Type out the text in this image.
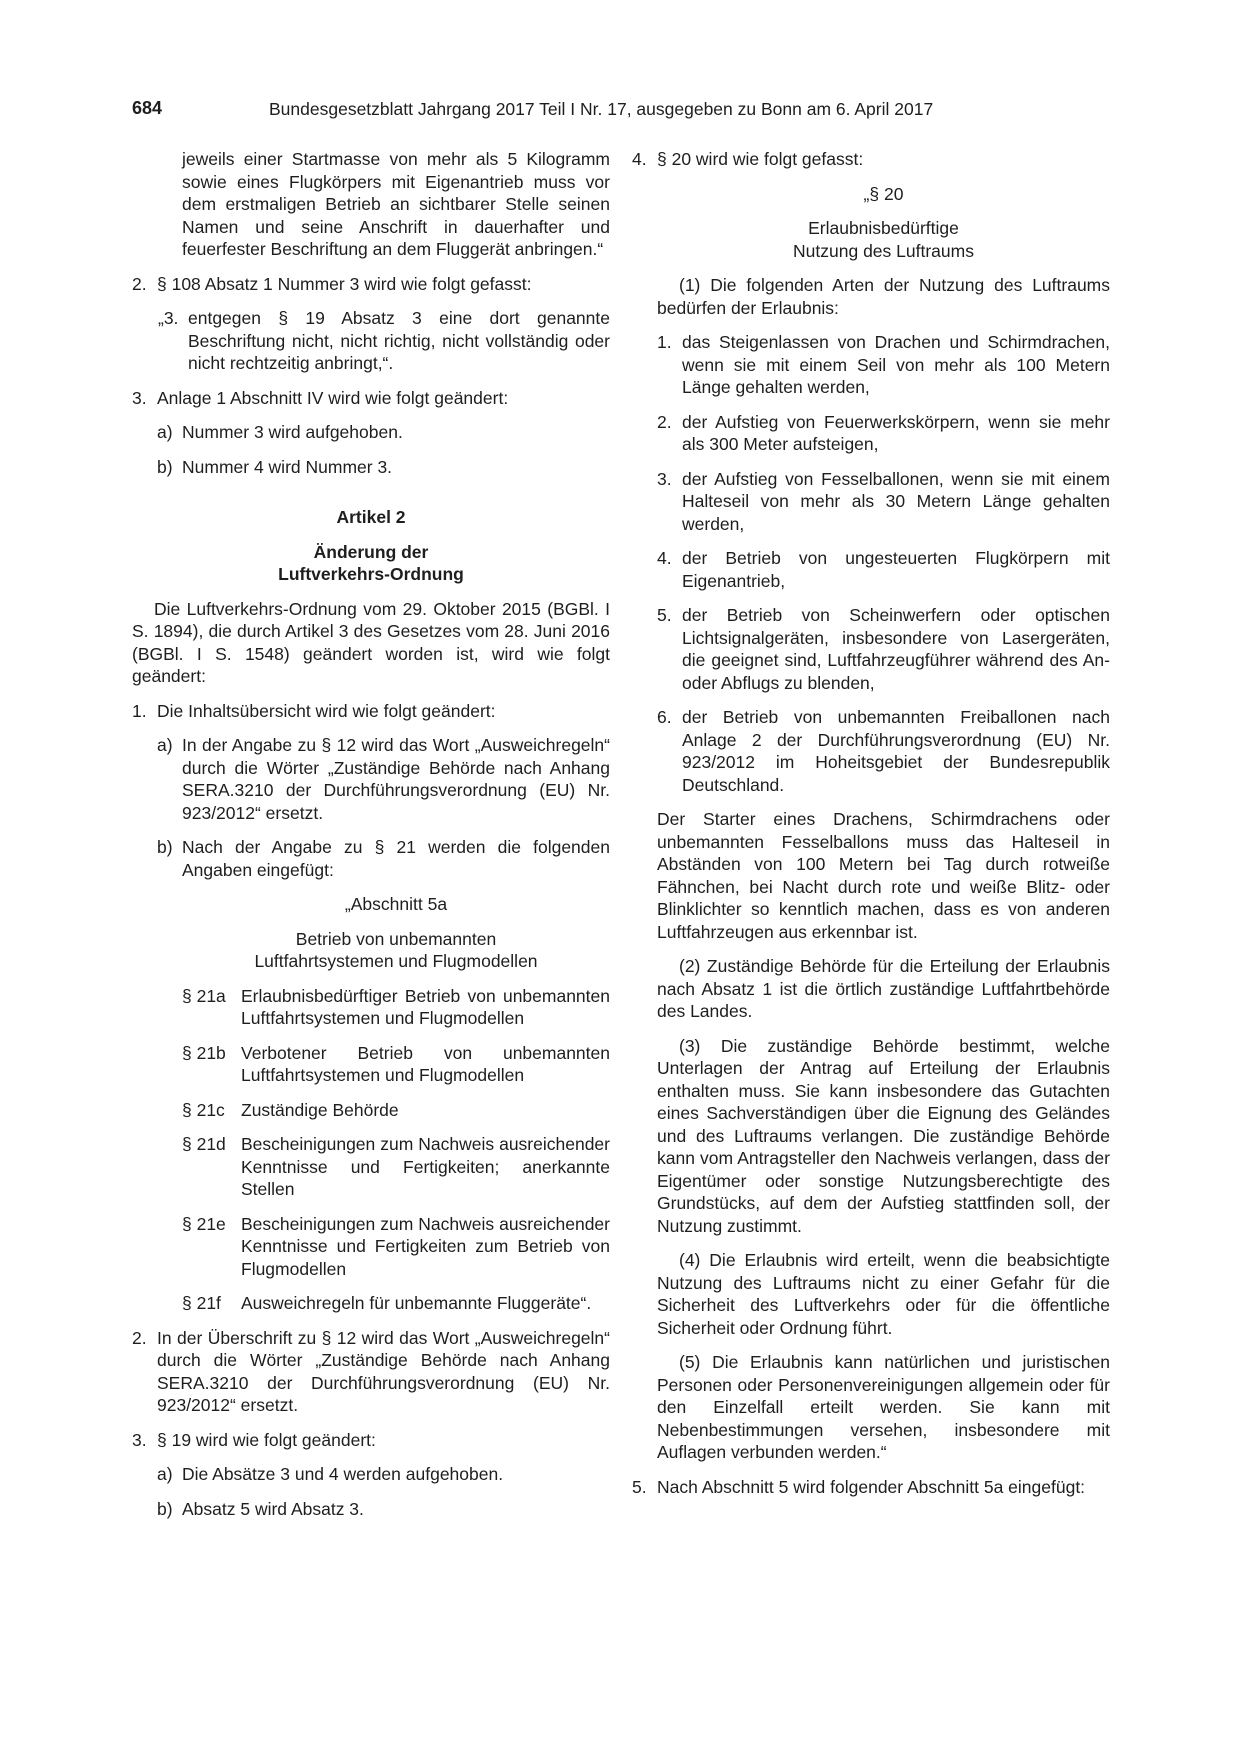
684	Bundesgesetzblatt Jahrgang 2017 Teil I Nr. 17, ausgegeben zu Bonn am 6. April 2017

jeweils einer Startmasse von mehr als 5 Kilogramm sowie eines Flugkörpers mit Eigenantrieb muss vor dem erstmaligen Betrieb an sichtbarer Stelle seinen Namen und seine Anschrift in dauerhafter und feuerfester Beschriftung an dem Fluggerät anbringen.“

2. § 108 Absatz 1 Nummer 3 wird wie folgt gefasst:
„3. entgegen § 19 Absatz 3 eine dort genannte Beschriftung nicht, nicht richtig, nicht vollständig oder nicht rechtzeitig anbringt,“.
3. Anlage 1 Abschnitt IV wird wie folgt geändert:
a) Nummer 3 wird aufgehoben.
b) Nummer 4 wird Nummer 3.

Artikel 2

Änderung der

Luftverkehrs-Ordnung

Die Luftverkehrs-Ordnung vom 29. Oktober 2015 (BGBl. I S. 1894), die durch Artikel 3 des Gesetzes vom 28. Juni 2016 (BGBl. I S. 1548) geändert worden ist, wird wie folgt geändert:

1. Die Inhaltsübersicht wird wie folgt geändert:
a) In der Angabe zu § 12 wird das Wort „Ausweichregeln“ durch die Wörter „Zuständige Behörde nach Anhang SERA.3210 der Durchführungsverordnung (EU) Nr. 923/2012“ ersetzt.
b) Nach der Angabe zu § 21 werden die folgenden Angaben eingefügt:

„Abschnitt 5a

Betrieb von unbemannten

Luftfahrtsystemen und Flugmodellen

§ 21a Erlaubnisbedürftiger Betrieb von unbemannten Luftfahrtsystemen und Flugmodellen
§ 21b Verbotener Betrieb von unbemannten Luftfahrtsystemen und Flugmodellen
§ 21c Zuständige Behörde
§ 21d Bescheinigungen zum Nachweis ausreichender Kenntnisse und Fertigkeiten; anerkannte Stellen
§ 21e Bescheinigungen zum Nachweis ausreichender Kenntnisse und Fertigkeiten zum Betrieb von Flugmodellen
§ 21f	Ausweichregeln für unbemannte Fluggeräte“.
2. In der Überschrift zu § 12 wird das Wort „Ausweichregeln“ durch die Wörter „Zuständige Behörde nach Anhang SERA.3210 der Durchführungsverordnung (EU) Nr. 923/2012“ ersetzt.
3. § 19 wird wie folgt geändert:
a) Die Absätze 3 und 4 werden aufgehoben.
b) Absatz 5 wird Absatz 3.
4. § 20 wird wie folgt gefasst:

„§ 20

Erlaubnisbedürftige

Nutzung des Luftraums

(1) Die folgenden Arten der Nutzung des Luftraums bedürfen der Erlaubnis:

1. das Steigenlassen von Drachen und Schirmdrachen, wenn sie mit einem Seil von mehr als 100 Metern Länge gehalten werden,
2. der Aufstieg von Feuerwerkskörpern, wenn sie mehr als 300 Meter aufsteigen,
3. der Aufstieg von Fesselballonen, wenn sie mit einem Halteseil von mehr als 30 Metern Länge gehalten werden,
4. der Betrieb von ungesteuerten Flugkörpern mit Eigenantrieb,
5. der Betrieb von Scheinwerfern oder optischen Lichtsignalgeräten, insbesondere von Lasergeräten, die geeignet sind, Luftfahrzeugführer während des An- oder Abflugs zu blenden,
6. der Betrieb von unbemannten Freiballonen nach Anlage 2 der Durchführungsverordnung (EU) Nr. 923/2012 im Hoheitsgebiet der Bundesrepublik Deutschland.

Der Starter eines Drachens, Schirmdrachens oder unbemannten Fesselballons muss das Halteseil in Abständen von 100 Metern bei Tag durch rotweiße Fähnchen, bei Nacht durch rote und weiße Blitz- oder Blinklichter so kenntlich machen, dass es von anderen Luftfahrzeugen aus erkennbar ist.

(2) Zuständige Behörde für die Erteilung der Erlaubnis nach Absatz 1 ist die örtlich zuständige Luftfahrtbehörde des Landes.

(3) Die zuständige Behörde bestimmt, welche Unterlagen der Antrag auf Erteilung der Erlaubnis enthalten muss. Sie kann insbesondere das Gutachten eines Sachverständigen über die Eignung des Geländes und des Luftraums verlangen. Die zuständige Behörde kann vom Antragsteller den Nachweis verlangen, dass der Eigentümer oder sonstige Nutzungsberechtigte des Grundstücks, auf dem der Aufstieg stattfinden soll, der Nutzung zustimmt.

(4) Die Erlaubnis wird erteilt, wenn die beabsichtigte Nutzung des Luftraums nicht zu einer Gefahr für die Sicherheit des Luftverkehrs oder für die öffentliche Sicherheit oder Ordnung führt.

(5) Die Erlaubnis kann natürlichen und juristischen Personen oder Personenvereinigungen allgemein oder für den Einzelfall erteilt werden. Sie kann mit Nebenbestimmungen versehen, insbesondere mit Auflagen verbunden werden.“

5. Nach Abschnitt 5 wird folgender Abschnitt 5a eingefügt:
